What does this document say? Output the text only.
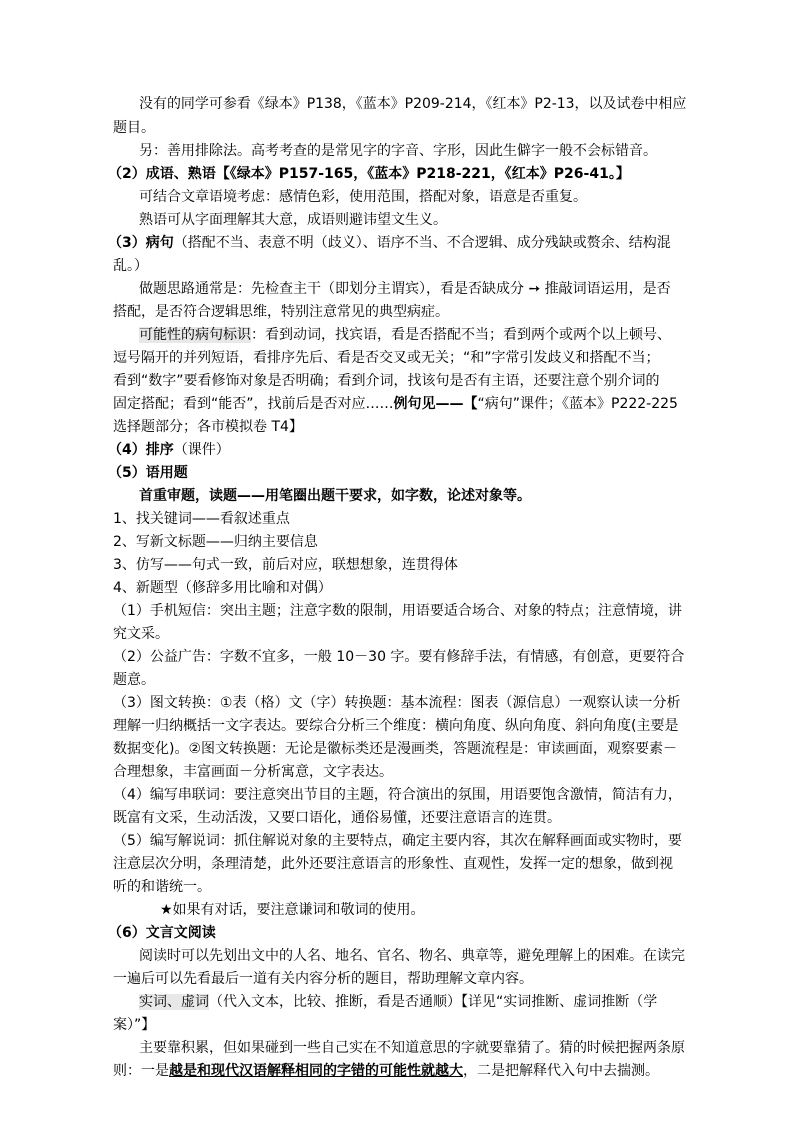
没有的同学可参看《绿本》P138，《蓝本》P209-214，《红本》P2-13，以及试卷中相应
题目。
另：善用排除法。高考考查的是常见字的字音、字形，因此生僻字一般不会标错音。
（2）成语、熟语【《绿本》P157-165，《蓝本》P218-221，《红本》P26-41。】
可结合文章语境考虑：感情色彩，使用范围，搭配对象，语意是否重复。
熟语可从字面理解其大意，成语则避讳望文生义。
（3）病句（搭配不当、表意不明（歧义）、语序不当、不合逻辑、成分残缺或赘余、结构混
乱。）
做题思路通常是：先检查主干（即划分主谓宾），看是否缺成分 ➙ 推敲词语运用，是否
搭配，是否符合逻辑思维，特别注意常见的典型病症。
可能性的病句标识：看到动词，找宾语，看是否搭配不当；看到两个或两个以上顿号、
逗号隔开的并列短语，看排序先后、看是否交叉或无关；“和”字常引发歧义和搭配不当；
看到“数字”要看修饰对象是否明确；看到介词，找该句是否有主语，还要注意个别介词的
固定搭配；看到“能否”，找前后是否对应……例句见——【“病句”课件；《蓝本》P222-225
选择题部分；各市模拟卷 T4】
（4）排序（课件）
（5）语用题
首重审题，读题——用笔圈出题干要求，如字数，论述对象等。
1、找关键词——看叙述重点
2、写新文标题——归纳主要信息
3、仿写——句式一致，前后对应，联想想象，连贯得体
4、新题型（修辞多用比喻和对偶）
（1）手机短信：突出主题；注意字数的限制，用语要适合场合、对象的特点；注意情境，讲
究文采。
（2）公益广告：字数不宜多，一般 10－30 字。要有修辞手法，有情感，有创意，更要符合
题意。
（3）图文转换：①表（格）文（字）转换题：基本流程：图表（源信息）一观察认读一分析
理解一归纳概括一文字表达。要综合分析三个维度：横向角度、纵向角度、斜向角度(主要是
数据变化)。②图文转换题：无论是徽标类还是漫画类，答题流程是：审读画面，观察要素－
合理想象，丰富画面－分析寓意，文字表达。
（4）编写串联词：要注意突出节目的主题，符合演出的氛围，用语要饱含激情，简洁有力，
既富有文采，生动活泼，又要口语化，通俗易懂，还要注意语言的连贯。
（5）编写解说词：抓住解说对象的主要特点，确定主要内容，其次在解释画面或实物时，要
注意层次分明，条理清楚，此外还要注意语言的形象性、直观性，发挥一定的想象，做到视
听的和谐统一。
★如果有对话，要注意谦词和敬词的使用。
（6）文言文阅读
阅读时可以先划出文中的人名、地名、官名、物名、典章等，避免理解上的困难。在读完
一遍后可以先看最后一道有关内容分析的题目，帮助理解文章内容。
实词、虚词（代入文本，比较、推断，看是否通顺）【详见“实词推断、虚词推断（学
案）”】
主要靠积累，但如果碰到一些自己实在不知道意思的字就要靠猜了。猜的时候把握两条原
则：一是越是和现代汉语解释相同的字错的可能性就越大，二是把解释代入句中去揣测。
